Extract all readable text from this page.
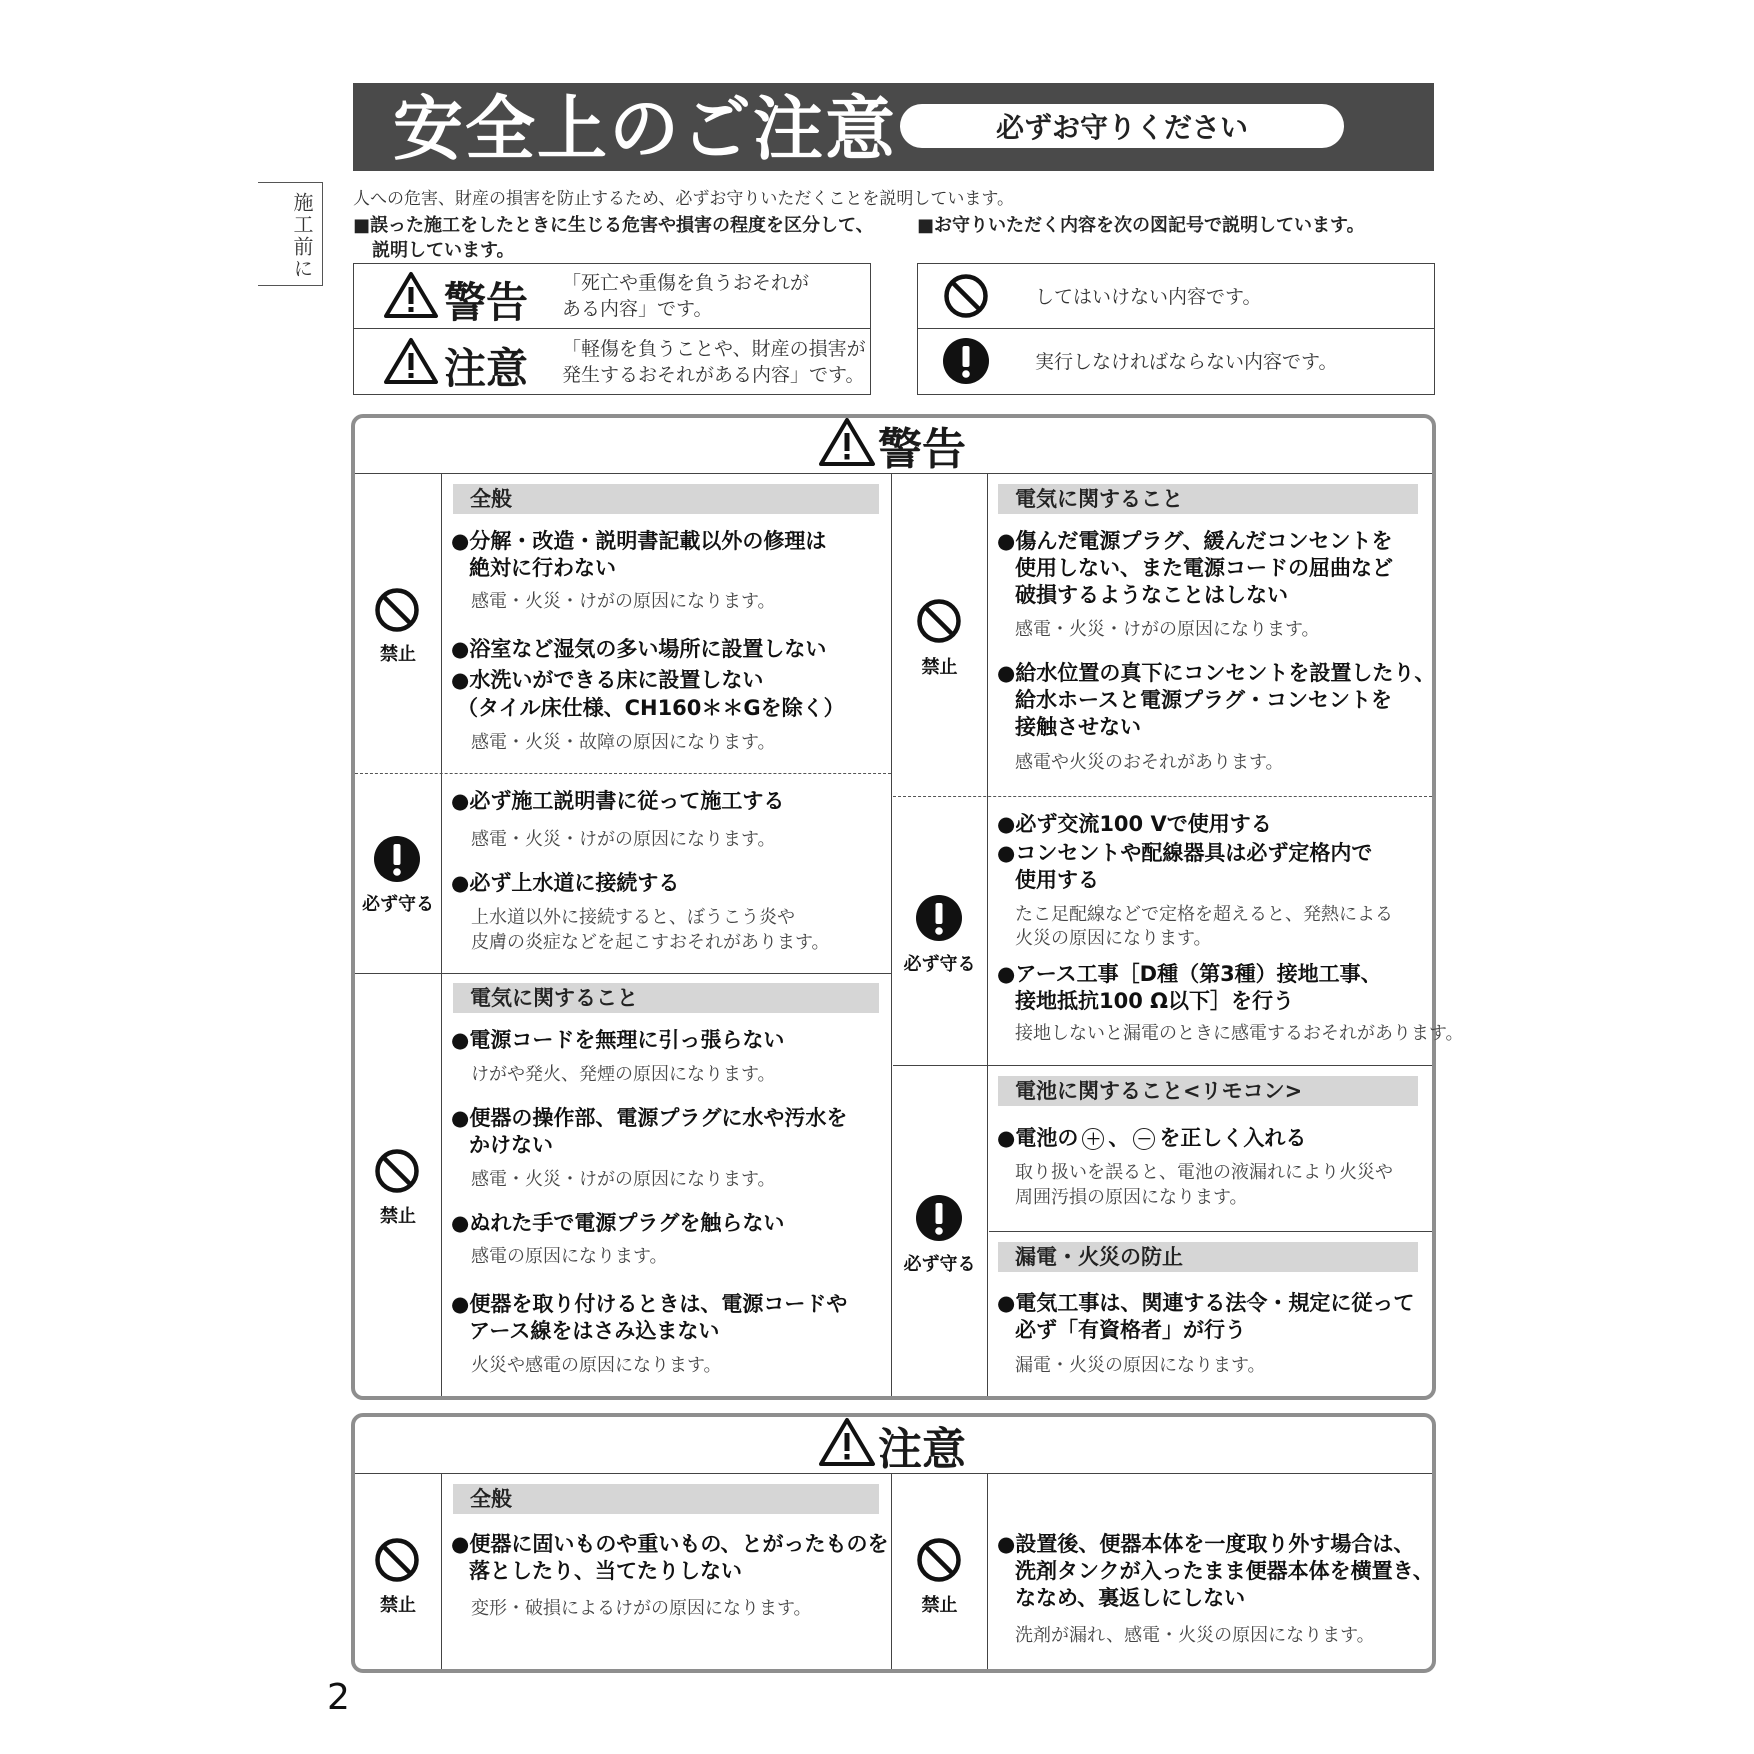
安全上のご注意	必ずお守りください
施工前に 人への危害、財産の損害を防止するため、必ずお守りいただくことを説明しています。
■誤った施工をしたときに生じる危害や損害の程度を区分して、
説明しています。
■お守りいただく内容を次の図記号で説明しています。
警告 「死亡や重傷を負うおそれが
ある内容」です。
注意 「軽傷を負うことや、財産の損害が
発生するおそれがある内容」です。
してはいけない内容です。
実行しなければならない内容です。
警告
禁止
全般
●分解・改造・説明書記載以外の修理は
絶対に行わない
感電・火災・けがの原因になります。
●浴室など湿気の多い場所に設置しない
●水洗いができる床に設置しない
（タイル床仕様、CH160＊＊Gを除く）
感電・火災・故障の原因になります。
必ず守る
●必ず施工説明書に従って施工する
感電・火災・けがの原因になります。
●必ず上水道に接続する
上水道以外に接続すると、ぼうこう炎や
皮膚の炎症などを起こすおそれがあります。
禁止
電気に関すること
●電源コードを無理に引っ張らない
けがや発火、発煙の原因になります。
●便器の操作部、電源プラグに水や汚水を
かけない
感電・火災・けがの原因になります。
●ぬれた手で電源プラグを触らない
感電の原因になります。
●便器を取り付けるときは、電源コードや
アース線をはさみ込まない
火災や感電の原因になります。
禁止
電気に関すること
●傷んだ電源プラグ、緩んだコンセントを
使用しない、また電源コードの屈曲など
破損するようなことはしない
感電・火災・けがの原因になります。
●給水位置の真下にコンセントを設置したり、
給水ホースと電源プラグ・コンセントを
接触させない
感電や火災のおそれがあります。
必ず守る
●必ず交流100 Vで使用する
●コンセントや配線器具は必ず定格内で
使用する
たこ足配線などで定格を超えると、発熱による
火災の原因になります。
●アース工事［D種（第3種）接地工事、
接地抵抗100 Ω以下］を行う
接地しないと漏電のときに感電するおそれがあります。
必ず守る
電池に関すること<リモコン>
●電池の ＋ 、 － を正しく入れる
取り扱いを誤ると、電池の液漏れにより火災や
周囲汚損の原因になります。
漏電・火災の防止
●電気工事は、関連する法令・規定に従って
必ず「有資格者」が行う
漏電・火災の原因になります。
注意
禁止
全般
●便器に固いものや重いもの、とがったものを
落としたり、当てたりしない
変形・破損によるけがの原因になります。	禁止
●設置後、便器本体を一度取り外す場合は、
洗剤タンクが入ったまま便器本体を横置き、
ななめ、裏返しにしない
洗剤が漏れ、感電・火災の原因になります。
2
